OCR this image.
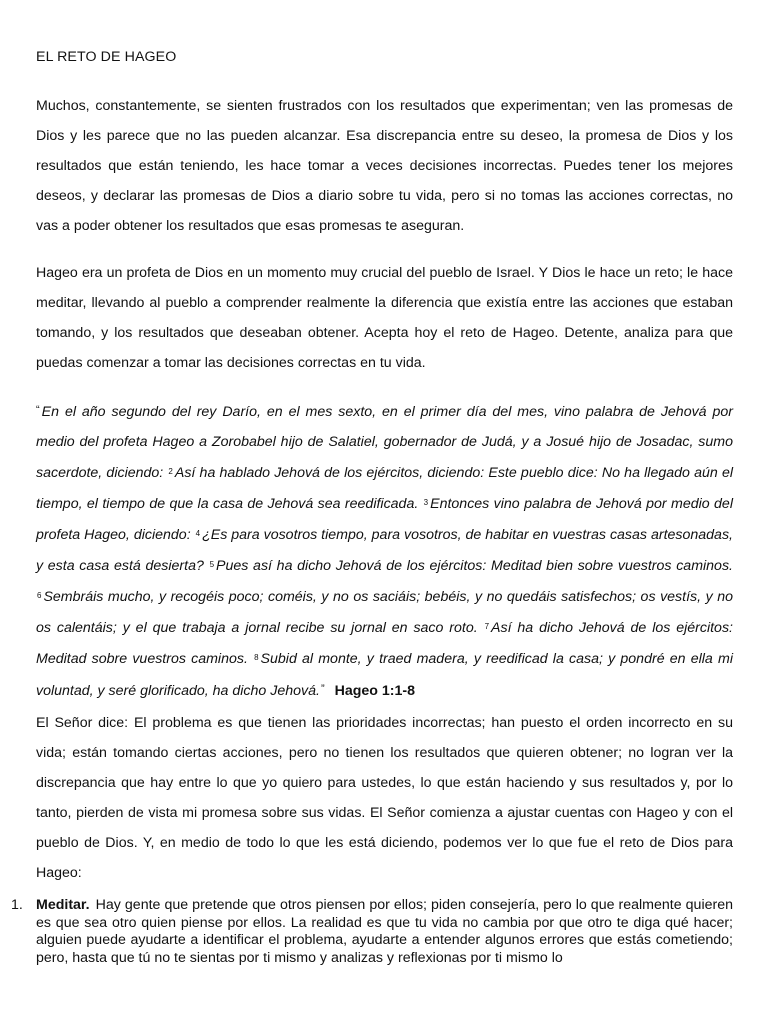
EL RETO DE HAGEO

Muchos, constantemente, se sienten frustrados con los resultados que experimentan; ven las promesas de Dios y les parece que no las pueden alcanzar. Esa discrepancia entre su deseo, la promesa de Dios y los resultados que están teniendo, les hace tomar a veces decisiones incorrectas. Puedes tener los mejores deseos, y declarar las promesas de Dios a diario sobre tu vida, pero si no tomas las acciones correctas, no vas a poder obtener los resultados que esas promesas te aseguran.

Hageo era un profeta de Dios en un momento muy crucial del pueblo de Israel. Y Dios le hace un reto; le hace meditar, llevando al pueblo a comprender realmente la diferencia que existía entre las acciones que estaban tomando, y los resultados que deseaban obtener. Acepta hoy el reto de Hageo. Detente, analiza para que puedas comenzar a tomar las decisiones correctas en tu vida.

“ En el año segundo del rey Darío, en el mes sexto, en el primer día del mes, vino palabra de Jehová por medio del profeta Hageo a Zorobabel hijo de Salatiel, gobernador de Judá, y a Josué hijo de Josadac, sumo sacerdote, diciendo: $^2$ Así ha hablado Jehová de los ejércitos, diciendo: Este pueblo dice: No ha llegado aún el tiempo, el tiempo de que la casa de Jehová sea reedificada. $^3$ Entonces vino palabra de Jehová por medio del profeta Hageo, diciendo: $^4$ ¿Es para vosotros tiempo, para vosotros, de habitar en vuestras casas artesonadas, y esta casa está desierta? $^5$ Pues así ha dicho Jehová de los ejércitos: Meditad bien sobre vuestros caminos. $^6$ Sembráis mucho, y recogéis poco; coméis, y no os saciáis; bebéis, y no quedáis satisfechos; os vestís, y no os calentáis; y el que trabaja a jornal recibe su jornal en saco roto. $^7$ Así ha dicho Jehová de los ejércitos: Meditad sobre vuestros caminos. $^8$ Subid al monte, y traed madera, y reedificad la casa; y pondré en ella mi voluntad, y seré glorificado, ha dicho Jehová.” Hageo 1:1-8

El Señor dice: El problema es que tienen las prioridades incorrectas; han puesto el orden incorrecto en su vida; están tomando ciertas acciones, pero no tienen los resultados que quieren obtener; no logran ver la discrepancia que hay entre lo que yo quiero para ustedes, lo que están haciendo y sus resultados y, por lo tanto, pierden de vista mi promesa sobre sus vidas. El Señor comienza a ajustar cuentas con Hageo y con el pueblo de Dios. Y, en medio de todo lo que les está diciendo, podemos ver lo que fue el reto de Dios para Hageo:

1. Meditar. Hay gente que pretende que otros piensen por ellos; piden consejería, pero lo que realmente quieren es que sea otro quien piense por ellos. La realidad es que tu vida no cambia por que otro te diga qué hacer; alguien puede ayudarte a identificar el problema, ayudarte a entender algunos errores que estás cometiendo; pero, hasta que tú no te sientas por ti mismo y analizas y reflexionas por ti mismo lo
